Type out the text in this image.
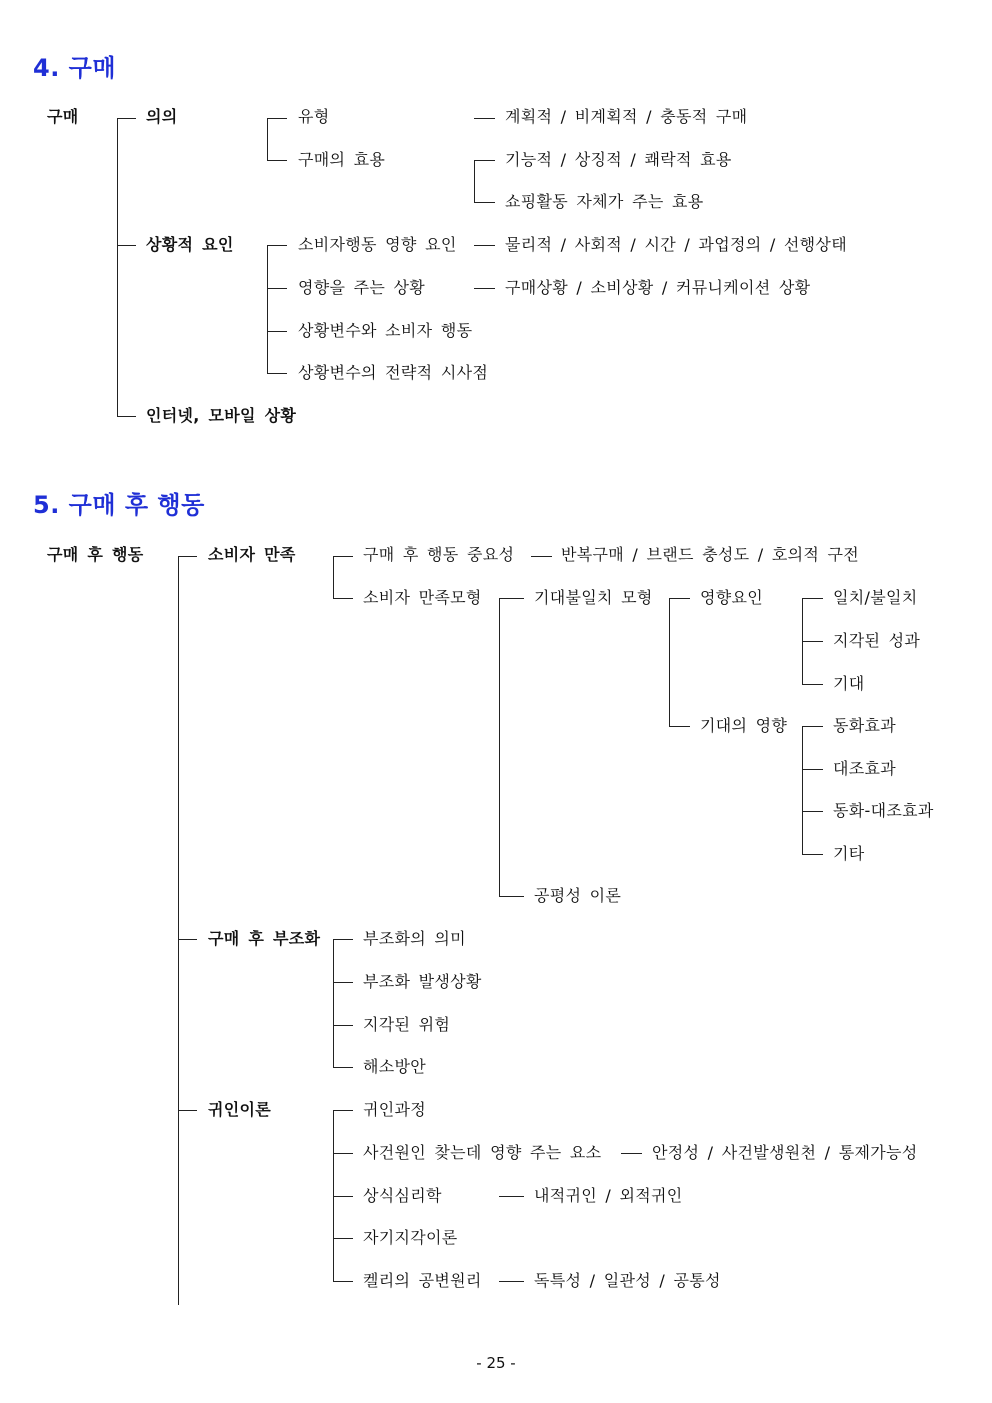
4. 구매
구매	의의
상황적 요인
인터넷, 모바일 상황
유형
구매의 효용
계획적 / 비계획적 / 충동적 구매
기능적 / 상징적 / 쾌락적 효용
쇼핑활동 자체가 주는 효용
소비자행동 영향 요인
영향을 주는 상황
상황변수와 소비자 행동
상황변수의 전략적 시사점
물리적 / 사회적 / 시간 / 과업정의 / 선행상태
구매상황 / 소비상황 / 커뮤니케이션 상황
5. 구매 후 행동
구매 후 행동	소비자 만족
구매 후 부조화
귀인이론
구매 후 행동 중요성
소비자 만족모형
반복구매 / 브랜드 충성도 / 호의적 구전
기대불일치 모형
공평성 이론
영향요인
기대의 영향
일치/불일치
지각된 성과
기대
동화효과
대조효과
동화-대조효과
기타
부조화의 의미
부조화 발생상황
지각된 위험
해소방안
귀인과정
사건원인 찾는데 영향 주는 요소
상식심리학
자기지각이론
켈리의 공변원리
안정성 / 사건발생원천 / 통제가능성
내적귀인 / 외적귀인
독특성 / 일관성 / 공통성
- 25 -
